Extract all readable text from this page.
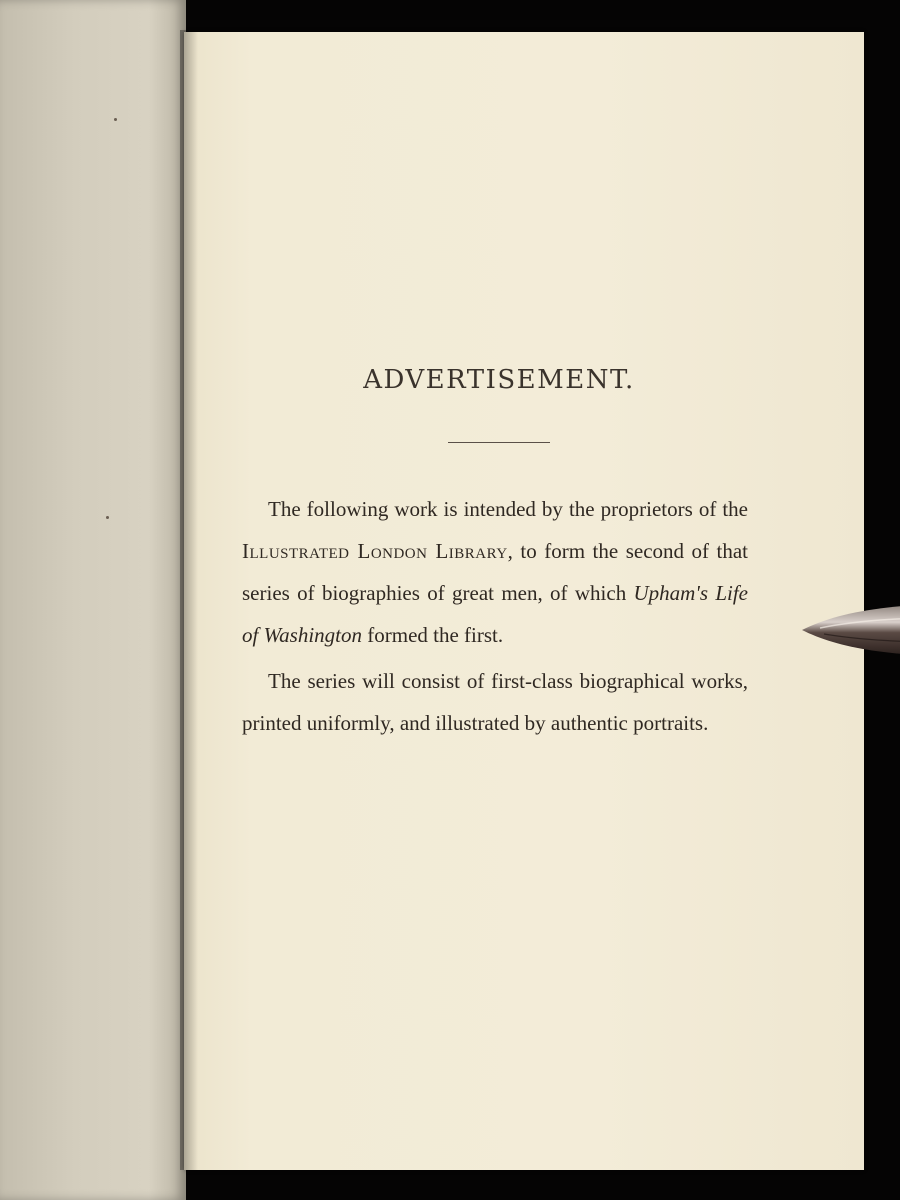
ADVERTISEMENT.

The following work is intended by the proprietors of the Illustrated London Library, to form the second of that series of biographies of great men, of which Upham's Life of Washington formed the first.

The series will consist of first-class biographical works, printed uniformly, and illustrated by authentic portraits.
